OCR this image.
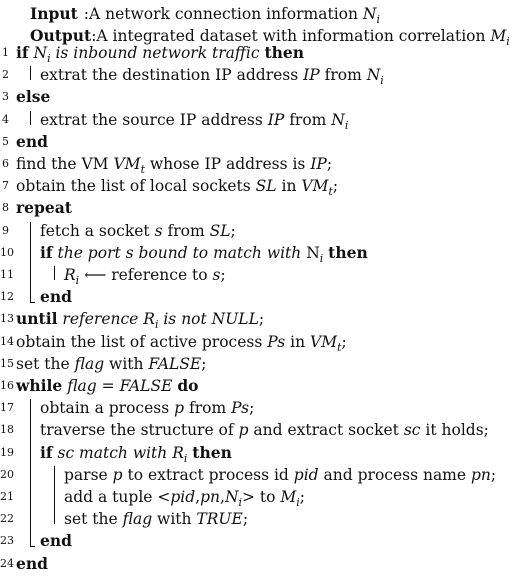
Input :A network connection information $N_i$
Output:A integrated dataset with information correlation $M_i$
1 if $N_i$ is inbound network traffic then
2 extrat the destination IP address IP from $N_i$
3 else
4 extrat the source IP address IP from $N_i$
5 end
6 find the VM $VM_t$ whose IP address is IP;
7 obtain the list of local sockets SL in $VM_t$;
8 repeat
9 fetch a socket s from SL;
10 if the port s bound to match with $N_i$ then
11	$R_i$ ⟵ reference to s;
12 end
13 until reference $R_i$ is not NULL;
14 obtain the list of active process Ps in $VM_t$;
15 set the flag with FALSE;
16 while flag = FALSE do
17 obtain a process p from Ps;
18 traverse the structure of p and extract socket sc it holds;
19 if sc match with $R_i$ then
20	parse p to extract process id pid and process name pn;
21	add a tuple $<pid,pn,N_i>$ to $M_i$;
22	set the flag with TRUE;
23 end
24 end
